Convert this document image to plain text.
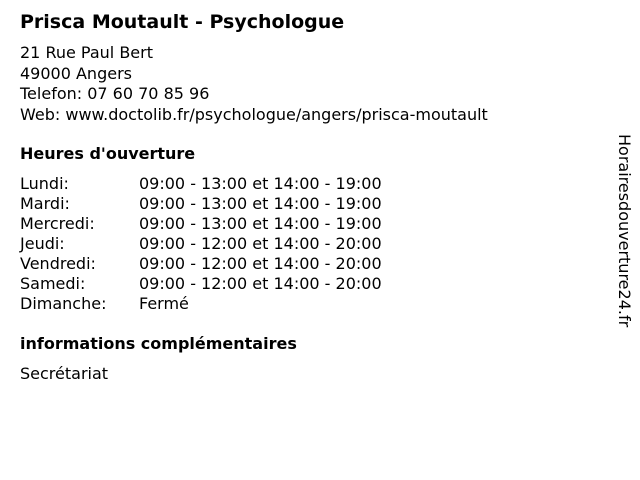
Prisca Moutault - Psychologue
21 Rue Paul Bert
49000 Angers
Telefon: 07 60 70 85 96
Web: www.doctolib.fr/psychologue/angers/prisca-moutault
Heures d'ouverture
Lundi:	09:00 - 13:00 et 14:00 - 19:00
Mardi:	09:00 - 13:00 et 14:00 - 19:00
Mercredi:	09:00 - 13:00 et 14:00 - 19:00
Jeudi:	09:00 - 12:00 et 14:00 - 20:00
Vendredi:	09:00 - 12:00 et 14:00 - 20:00
Samedi:	09:00 - 12:00 et 14:00 - 20:00
Dimanche: Fermé
informations complémentaires
Secrétariat
Horairesdouverture24.fr
